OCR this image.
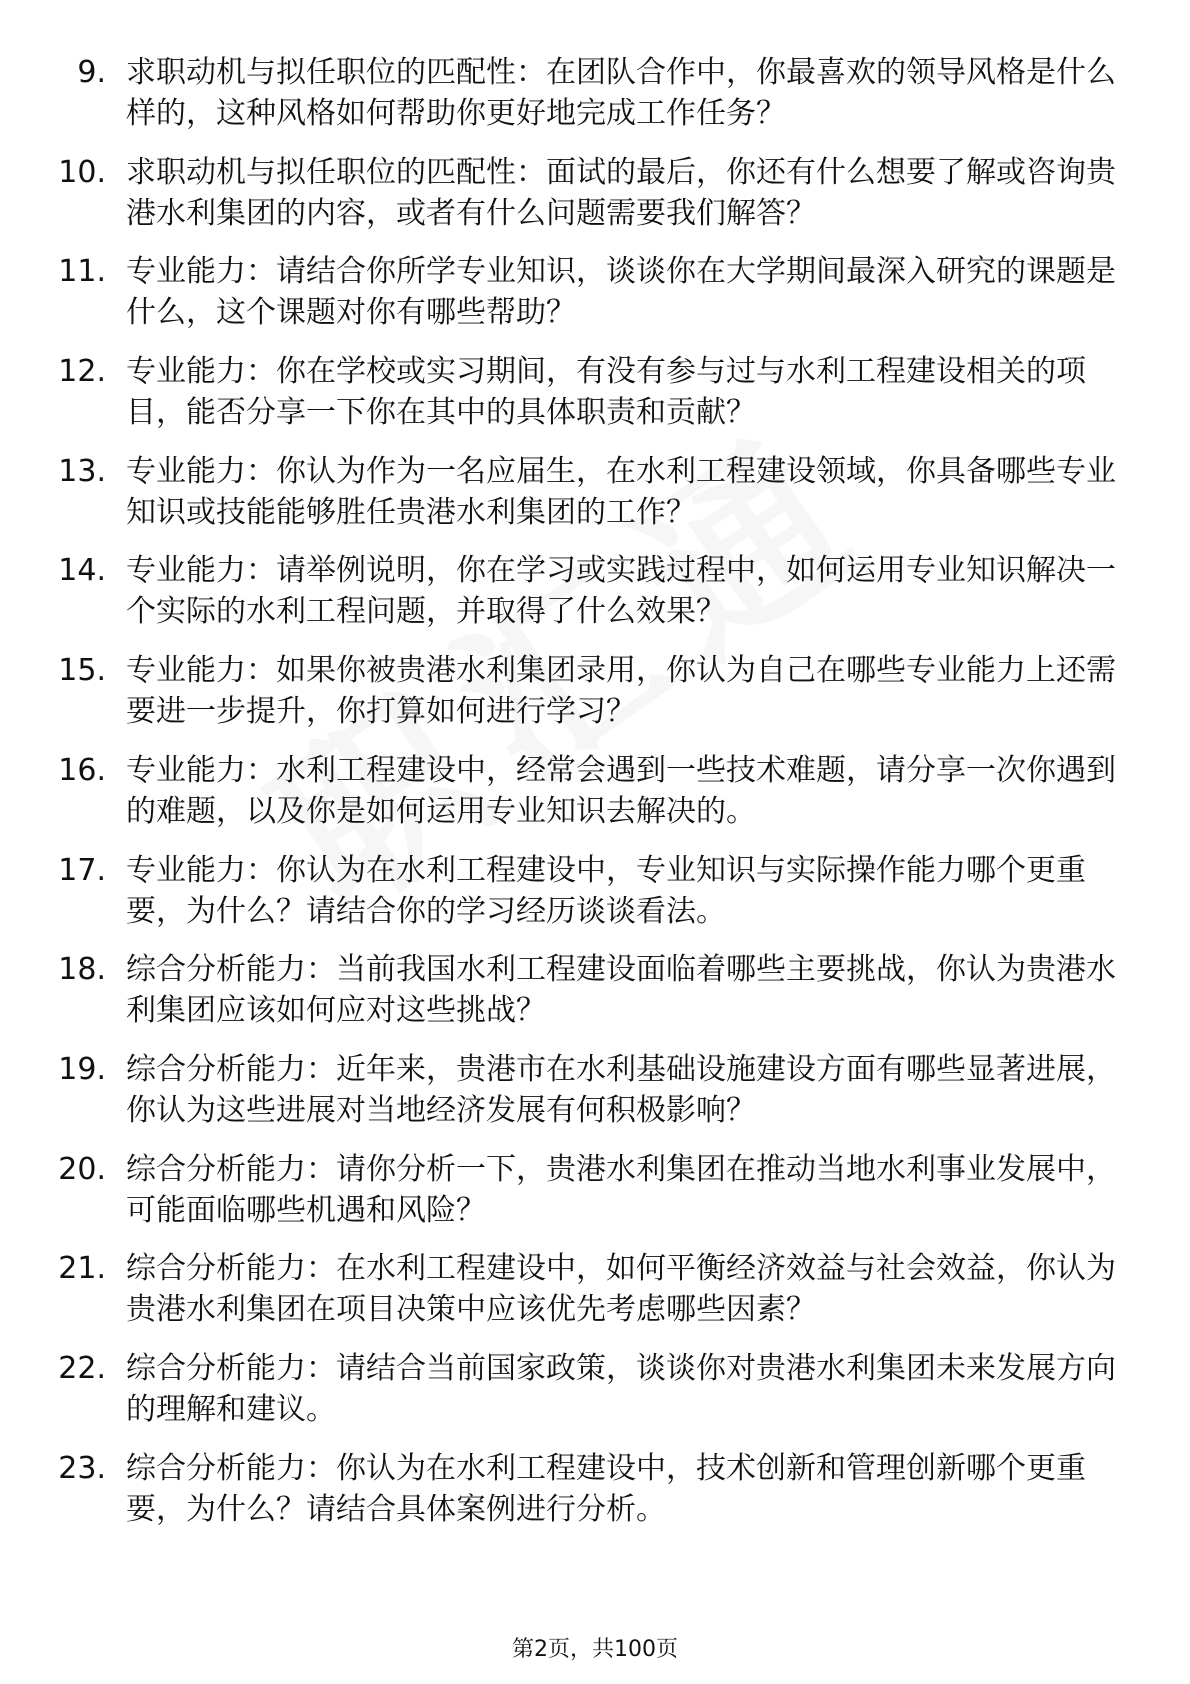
9. 求职动机与拟任职位的匹配性：在团队合作中，你最喜欢的领导风格是什么样的，这种风格如何帮助你更好地完成工作任务？

10. 求职动机与拟任职位的匹配性：面试的最后，你还有什么想要了解或咨询贵港水利集团的内容，或者有什么问题需要我们解答？

11. 专业能力：请结合你所学专业知识，谈谈你在大学期间最深入研究的课题是什么，这个课题对你有哪些帮助？

12. 专业能力：你在学校或实习期间，有没有参与过与水利工程建设相关的项目，能否分享一下你在其中的具体职责和贡献？

13. 专业能力：你认为作为一名应届生，在水利工程建设领域，你具备哪些专业知识或技能能够胜任贵港水利集团的工作？

14. 专业能力：请举例说明，你在学习或实践过程中，如何运用专业知识解决一个实际的水利工程问题，并取得了什么效果？

15. 专业能力：如果你被贵港水利集团录用，你认为自己在哪些专业能力上还需要进一步提升，你打算如何进行学习？

16. 专业能力：水利工程建设中，经常会遇到一些技术难题，请分享一次你遇到的难题，以及你是如何运用专业知识去解决的。

17. 专业能力：你认为在水利工程建设中，专业知识与实际操作能力哪个更重要，为什么？请结合你的学习经历谈谈看法。

18. 综合分析能力：当前我国水利工程建设面临着哪些主要挑战，你认为贵港水利集团应该如何应对这些挑战？

19. 综合分析能力：近年来，贵港市在水利基础设施建设方面有哪些显著进展，你认为这些进展对当地经济发展有何积极影响？

20. 综合分析能力：请你分析一下，贵港水利集团在推动当地水利事业发展中，可能面临哪些机遇和风险？

21. 综合分析能力：在水利工程建设中，如何平衡经济效益与社会效益，你认为贵港水利集团在项目决策中应该优先考虑哪些因素？

22. 综合分析能力：请结合当前国家政策，谈谈你对贵港水利集团未来发展方向的理解和建议。

23. 综合分析能力：你认为在水利工程建设中，技术创新和管理创新哪个更重要，为什么？请结合具体案例进行分析。

第2页，共100页
